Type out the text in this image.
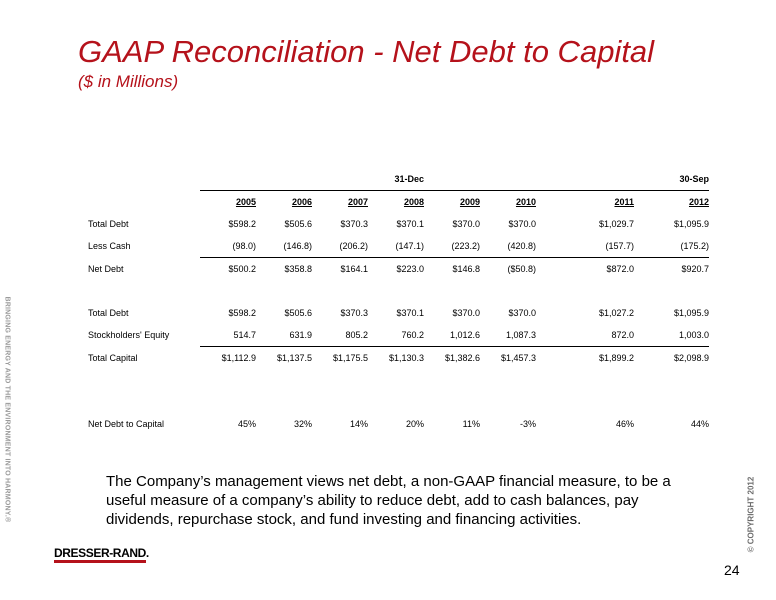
GAAP Reconciliation - Net Debt to Capital
($ in Millions)
BRINGING ENERGY AND THE ENVIRONMENT INTO HARMONY.®
				31-Dec				30-Sep
	2005	2006	2007	2008	2009	2010	2011	2012
Total Debt	$598.2	$505.6	$370.3	$370.1	$370.0	$370.0	$1,029.7	$1,095.9
Less Cash	(98.0)	(146.8)	(206.2)	(147.1)	(223.2)	(420.8)	(157.7)	(175.2)
Net Debt	$500.2	$358.8	$164.1	$223.0	$146.8	($50.8)	$872.0	$920.7

Total Debt	$598.2	$505.6	$370.3	$370.1	$370.0	$370.0	$1,027.2	$1,095.9
Stockholders' Equity	514.7	631.9	805.2	760.2	1,012.6	1,087.3	872.0	1,003.0
Total Capital	$1,112.9	$1,137.5	$1,175.5	$1,130.3	$1,382.6	$1,457.3	$1,899.2	$2,098.9

Net Debt to Capital	45%	32%	14%	20%	11%	-3%	46%	44%
The Company’s management views net debt, a non-GAAP financial measure, to be a useful measure of a company’s ability to reduce debt, add to cash balances, pay dividends, repurchase stock, and fund investing and financing activities.
DRESSER-RAND.
© COPYRIGHT 2012
24
